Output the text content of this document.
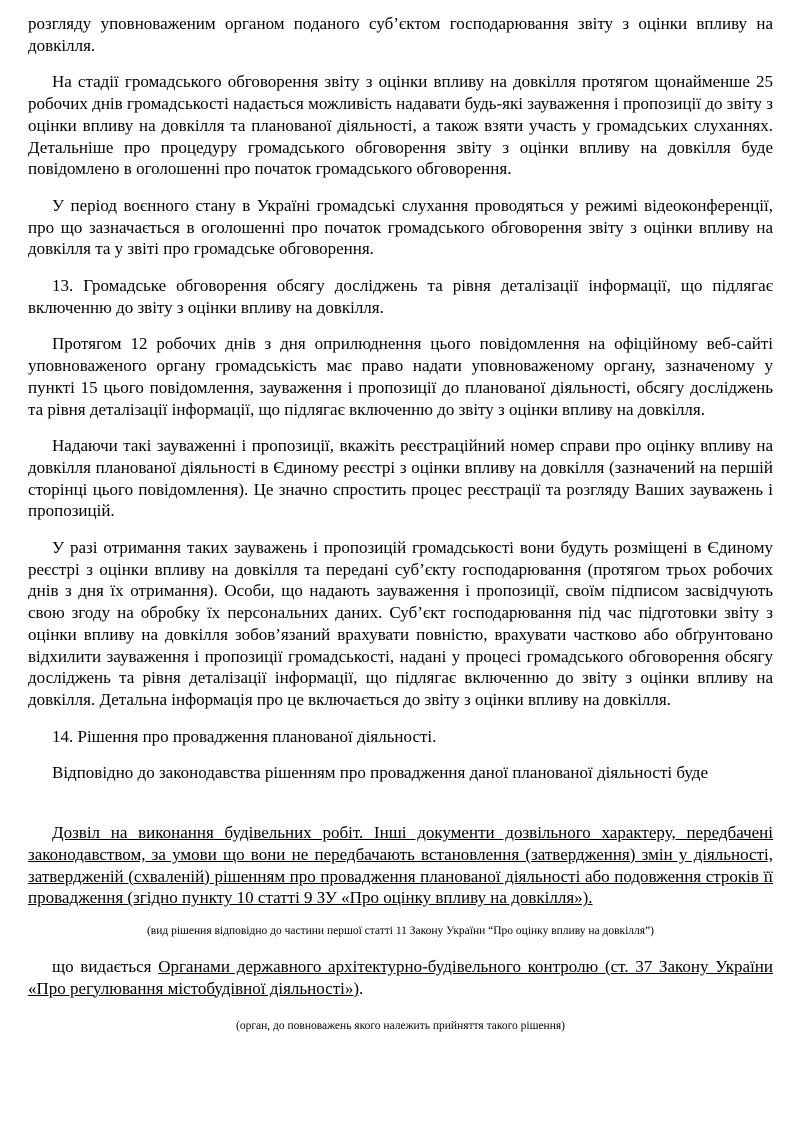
розгляду уповноваженим органом поданого суб’єктом господарювання звіту з оцінки впливу на довкілля.

На стадії громадського обговорення звіту з оцінки впливу на довкілля протягом щонайменше 25 робочих днів громадськості надається можливість надавати будь-які зауваження і пропозиції до звіту з оцінки впливу на довкілля та планованої діяльності, а також взяти участь у громадських слуханнях. Детальніше про процедуру громадського обговорення звіту з оцінки впливу на довкілля буде повідомлено в оголошенні про початок громадського обговорення.

У період воєнного стану в Україні громадські слухання проводяться у режимі відеоконференції, про що зазначається в оголошенні про початок громадського обговорення звіту з оцінки впливу на довкілля та у звіті про громадське обговорення.

13. Громадське обговорення обсягу досліджень та рівня деталізації інформації, що підлягає включенню до звіту з оцінки впливу на довкілля.

Протягом 12 робочих днів з дня оприлюднення цього повідомлення на офіційному веб-сайті уповноваженого органу громадськість має право надати уповноваженому органу, зазначеному у пункті 15 цього повідомлення, зауваження і пропозиції до планованої діяльності, обсягу досліджень та рівня деталізації інформації, що підлягає включенню до звіту з оцінки впливу на довкілля.

Надаючи такі зауваженні і пропозиції, вкажіть реєстраційний номер справи про оцінку впливу на довкілля планованої діяльності в Єдиному реєстрі з оцінки впливу на довкілля (зазначений на першій сторінці цього повідомлення). Це значно спростить процес реєстрації та розгляду Ваших зауважень і пропозицій.

У разі отримання таких зауважень і пропозицій громадськості вони будуть розміщені в Єдиному реєстрі з оцінки впливу на довкілля та передані суб’єкту господарювання (протягом трьох робочих днів з дня їх отримання). Особи, що надають зауваження і пропозиції, своїм підписом засвідчують свою згоду на обробку їх персональних даних. Суб’єкт господарювання під час підготовки звіту з оцінки впливу на довкілля зобов’язаний врахувати повністю, врахувати частково або обґрунтовано відхилити зауваження і пропозиції громадськості, надані у процесі громадського обговорення обсягу досліджень та рівня деталізації інформації, що підлягає включенню до звіту з оцінки впливу на довкілля. Детальна інформація про це включається до звіту з оцінки впливу на довкілля.

14. Рішення про провадження планованої діяльності.

Відповідно до законодавства рішенням про провадження даної планованої діяльності буде

Дозвіл на виконання будівельних робіт. Інші документи дозвільного характеру, передбачені законодавством, за умови що вони не передбачають встановлення (затвердження) змін у діяльності, затвердженій (схваленій) рішенням про провадження планованої діяльності або подовження строків її провадження (згідно пункту 10 статті 9 ЗУ «Про оцінку впливу на довкілля»).

(вид рішення відповідно до частини першої статті 11 Закону України “Про оцінку впливу на довкілля”)

що видається Органами державного архітектурно-будівельного контролю (ст. 37 Закону України «Про регулювання містобудівної діяльності»).

(орган, до повноважень якого належить прийняття такого рішення)
